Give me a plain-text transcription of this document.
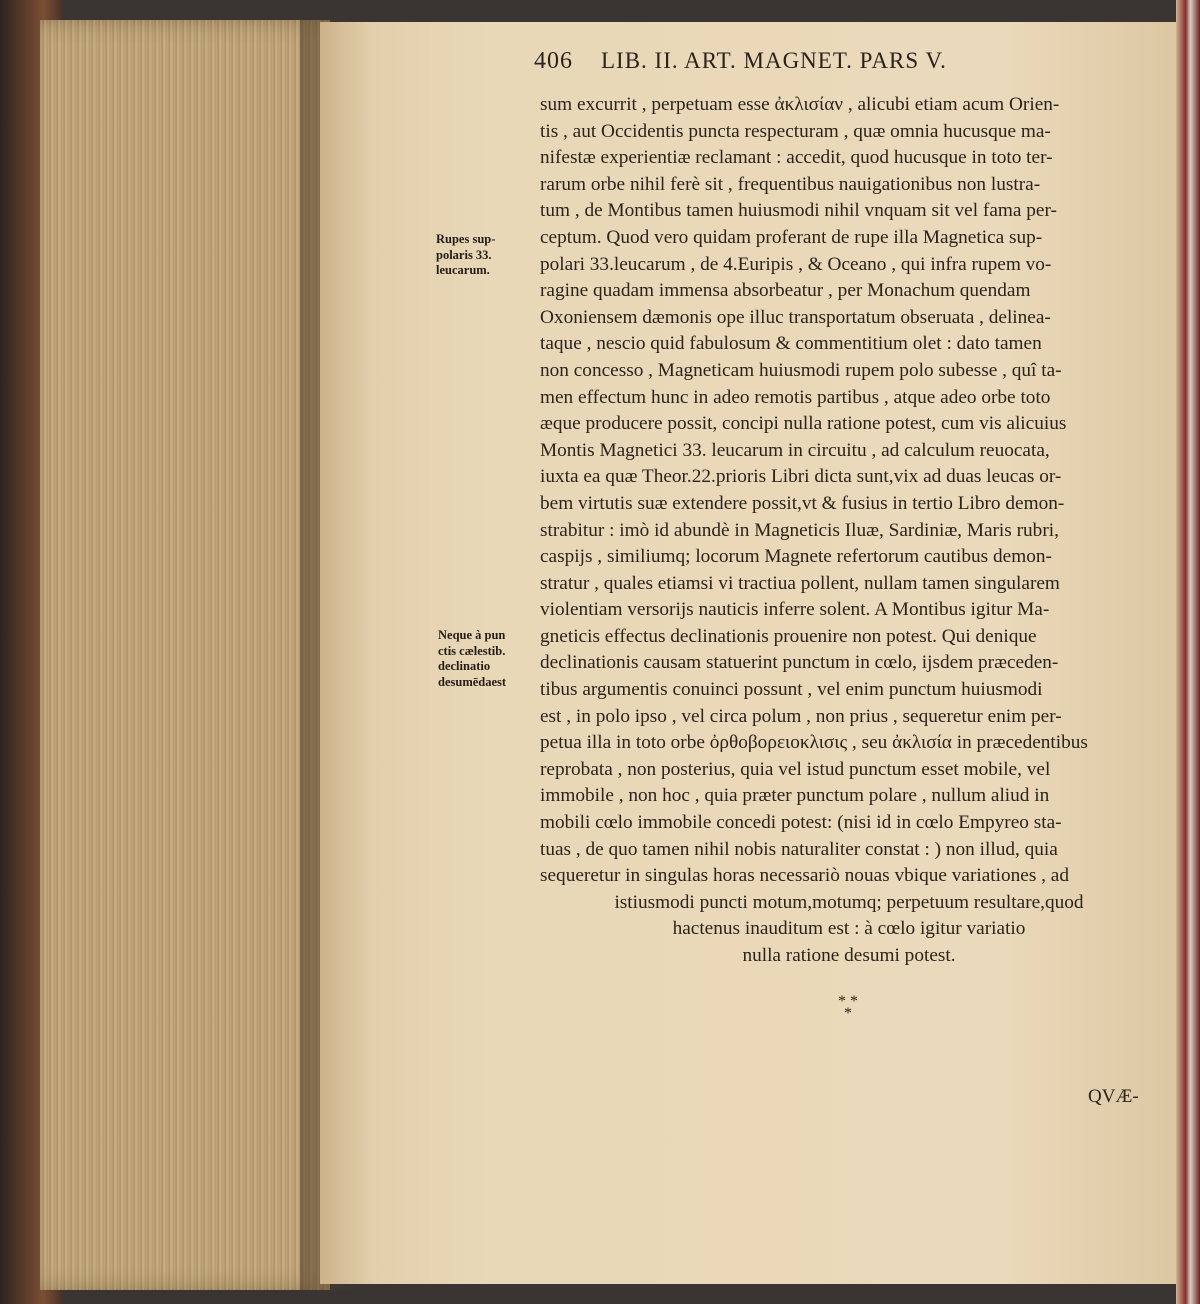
406 LIB. II. ART. MAGNET. PARS V.
Rupes sup-
polaris 33.
leucarum.
Neque à pun
ctis cælestib.
declinatio
desumēdaest
sum excurrit , perpetuam esse ἀκλισίαν , alicubi etiam acum Orien-
tis , aut Occidentis puncta respecturam , quæ omnia hucusque ma-
nifestæ experientiæ reclamant : accedit, quod hucusque in toto ter-
rarum orbe nihil ferè sit , frequentibus nauigationibus non lustra-
tum , de Montibus tamen huiusmodi nihil vnquam sit vel fama per-
ceptum. Quod vero quidam proferant de rupe illa Magnetica sup-
polari 33.leucarum , de 4.Euripis , & Oceano , qui infra rupem vo-
ragine quadam immensa absorbeatur , per Monachum quendam
Oxoniensem dæmonis ope illuc transportatum obseruata , delinea-
taque , nescio quid fabulosum & commentitium olet : dato tamen
non concesso , Magneticam huiusmodi rupem polo subesse , quî ta-
men effectum hunc in adeo remotis partibus , atque adeo orbe toto
æque producere possit, concipi nulla ratione potest, cum vis alicuius
Montis Magnetici 33. leucarum in circuitu , ad calculum reuocata,
iuxta ea quæ Theor.22.prioris Libri dicta sunt,vix ad duas leucas or-
bem virtutis suæ extendere possit,vt & fusius in tertio Libro demon-
strabitur : imò id abundè in Magneticis Iluæ, Sardiniæ, Maris rubri,
caspijs , similiumq; locorum Magnete refertorum cautibus demon-
stratur , quales etiamsi vi tractiua pollent, nullam tamen singularem
violentiam versorijs nauticis inferre solent. A Montibus igitur Ma-
gneticis effectus declinationis prouenire non potest. Qui denique
declinationis causam statuerint punctum in cœlo, ijsdem præceden-
tibus argumentis conuinci possunt , vel enim punctum huiusmodi
est , in polo ipso , vel circa polum , non prius , sequeretur enim per-
petua illa in toto orbe ὀρθοβορειοκλισις , seu ἀκλισία in præcedentibus
reprobata , non posterius, quia vel istud punctum esset mobile, vel
immobile , non hoc , quia præter punctum polare , nullum aliud in
mobili cœlo immobile concedi potest: (nisi id in cœlo Empyreo sta-
tuas , de quo tamen nihil nobis naturaliter constat : ) non illud, quia
sequeretur in singulas horas necessariò nouas vbique variationes , ad
istiusmodi puncti motum,motumq; perpetuum resultare,quod
hactenus inauditum est : à cœlo igitur variatio
nulla ratione desumi potest.
* *
*
QVÆ-
